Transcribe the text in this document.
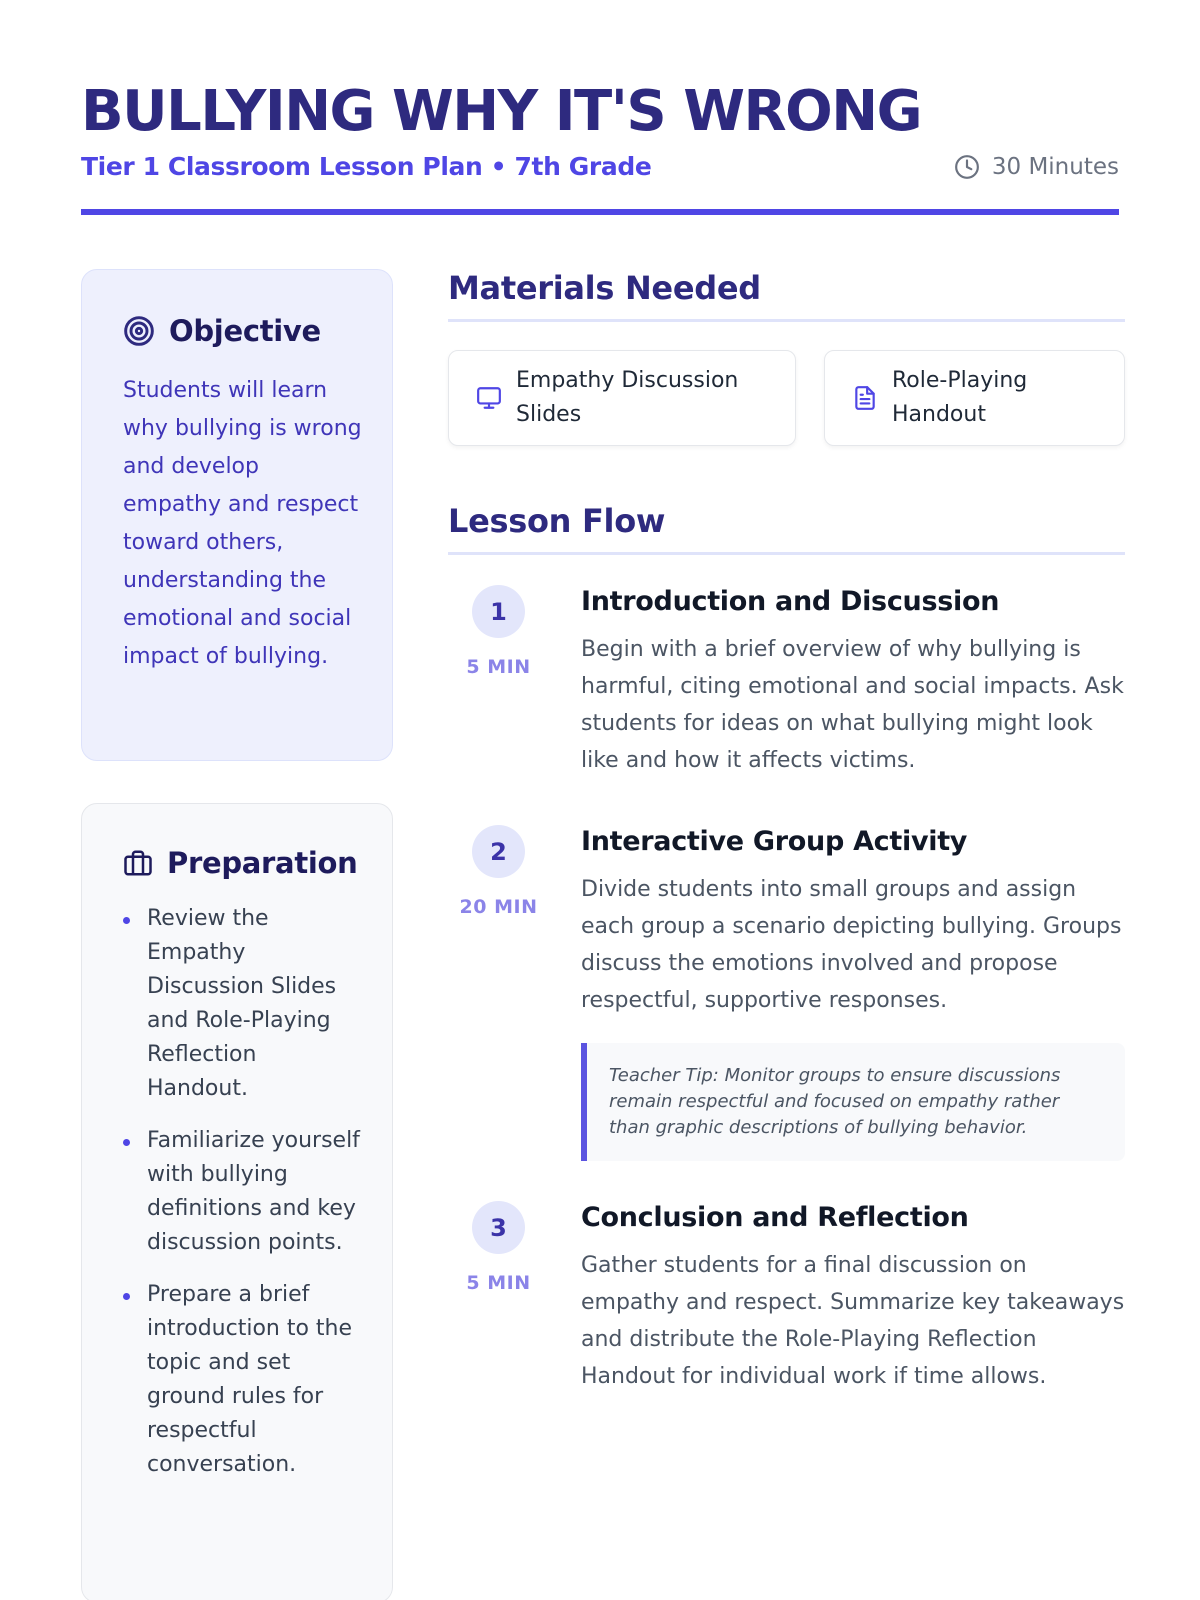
BULLYING WHY IT'S WRONG
Tier 1 Classroom Lesson Plan • 7th Grade	30 Minutes
Objective

Students will learn why bullying is wrong and develop empathy and respect toward others, understanding the emotional and social impact of bullying.

Preparation
Review the Empathy Discussion Slides and Role-Playing Reflection Handout.
Familiarize yourself with bullying definitions and key discussion points.
Prepare a brief introduction to the topic and set ground rules for respectful conversation.
Materials Needed
Empathy Discussion Slides
Role-Playing Handout
Lesson Flow
1
5 MIN
Introduction and Discussion

Begin with a brief overview of why bullying is harmful, citing emotional and social impacts. Ask students for ideas on what bullying might look like and how it affects victims.

2
20 MIN
Interactive Group Activity

Divide students into small groups and assign each group a scenario depicting bullying. Groups discuss the emotions involved and propose respectful, supportive responses.

Teacher Tip: Monitor groups to ensure discussions remain respectful and focused on empathy rather than graphic descriptions of bullying behavior.
3
5 MIN
Conclusion and Reflection

Gather students for a final discussion on empathy and respect. Summarize key takeaways and distribute the Role-Playing Reflection Handout for individual work if time allows.
